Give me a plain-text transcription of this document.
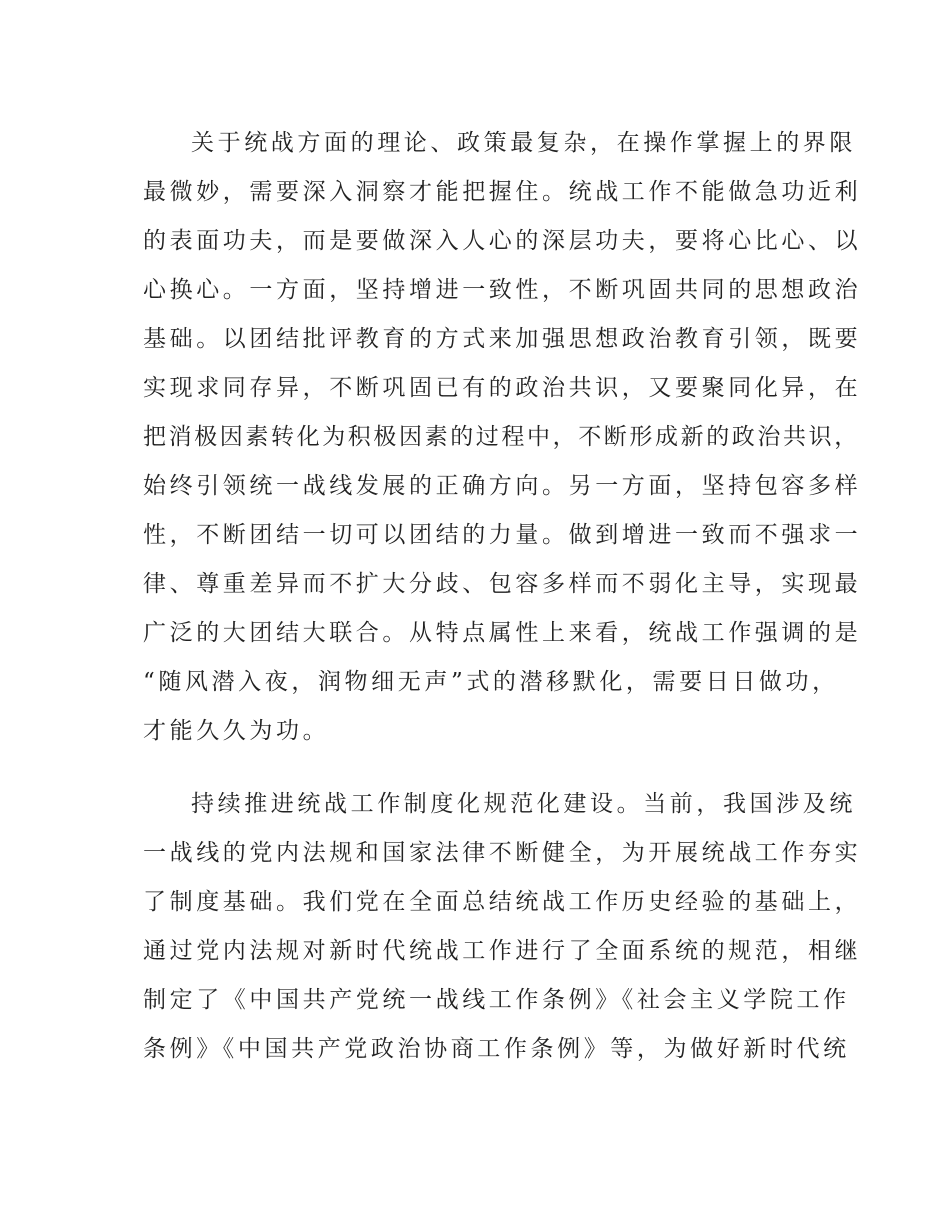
关于统战方面的理论、政策最复杂，在操作掌握上的界限

最微妙，需要深入洞察才能把握住。统战工作不能做急功近利

的表面功夫，而是要做深入人心的深层功夫，要将心比心、以

心换心。一方面，坚持增进一致性，不断巩固共同的思想政治

基础。以团结批评教育的方式来加强思想政治教育引领，既要

实现求同存异，不断巩固已有的政治共识，又要聚同化异，在

把消极因素转化为积极因素的过程中，不断形成新的政治共识，

始终引领统一战线发展的正确方向。另一方面，坚持包容多样

性，不断团结一切可以团结的力量。做到增进一致而不强求一

律、尊重差异而不扩大分歧、包容多样而不弱化主导，实现最

广泛的大团结大联合。从特点属性上来看，统战工作强调的是

“随风潜入夜，润物细无声”式的潜移默化，需要日日做功，

才能久久为功。

持续推进统战工作制度化规范化建设。当前，我国涉及统

一战线的党内法规和国家法律不断健全，为开展统战工作夯实

了制度基础。我们党在全面总结统战工作历史经验的基础上，

通过党内法规对新时代统战工作进行了全面系统的规范，相继

制定了《中国共产党统一战线工作条例》《社会主义学院工作

条例》《中国共产党政治协商工作条例》等，为做好新时代统
